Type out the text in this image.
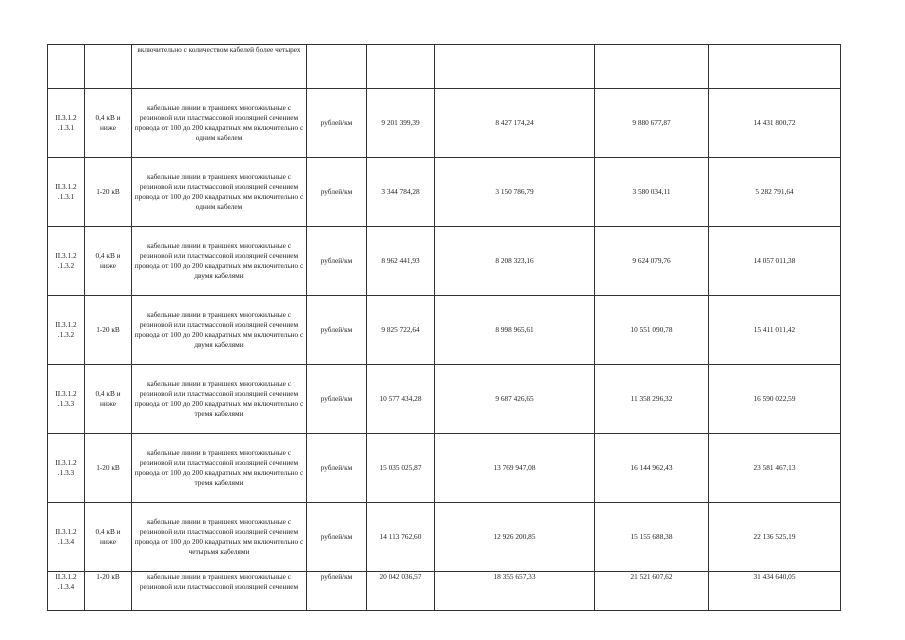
		включительно с количеством кабелей более четырех					
II.3.1.2 .1.3.1	0,4 кВ и ниже	кабельные линии в траншеях многожильные с резиновой или пластмассовой изоляцией сечением провода от 100 до 200 квадратных мм включительно с одним кабелем	рублей/км	9 201 399,39	8 427 174,24	9 880 677,87	14 431 800,72
II.3.1.2 .1.3.1	1-20 кВ	кабельные линии в траншеях многожильные с резиновой или пластмассовой изоляцией сечением провода от 100 до 200 квадратных мм включительно с одним кабелем	рублей/км	3 344 784,28	3 150 786,79	3 580 034,11	5 282 791,64
II.3.1.2 .1.3.2	0,4 кВ и ниже	кабельные линии в траншеях многожильные с резиновой или пластмассовой изоляцией сечением провода от 100 до 200 квадратных мм включительно с двумя кабелями	рублей/км	8 962 441,93	8 208 323,16	9 624 079,76	14 057 011,38
II.3.1.2 .1.3.2	1-20 кВ	кабельные линии в траншеях многожильные с резиновой или пластмассовой изоляцией сечением провода от 100 до 200 квадратных мм включительно с двумя кабелями	рублей/км	9 825 722,64	8 998 965,61	10 551 090,78	15 411 011,42
II.3.1.2 .1.3.3	0,4 кВ и ниже	кабельные линии в траншеях многожильные с резиновой или пластмассовой изоляцией сечением провода от 100 до 200 квадратных мм включительно с тремя кабелями	рублей/км	10 577 434,28	9 687 426,65	11 358 296,32	16 590 022,59
II.3.1.2 .1.3.3	1-20 кВ	кабельные линии в траншеях многожильные с резиновой или пластмассовой изоляцией сечением провода от 100 до 200 квадратных мм включительно с тремя кабелями	рублей/км	15 035 025,87	13 769 947,08	16 144 962,43	23 581 467,13
II.3.1.2 .1.3.4	0,4 кВ и ниже	кабельные линии в траншеях многожильные с резиновой или пластмассовой изоляцией сечением провода от 100 до 200 квадратных мм включительно с четырьмя кабелями	рублей/км	14 113 762,60	12 926 200,85	15 155 688,38	22 136 525,19
II.3.1.2 .1.3.4	1-20 кВ	кабельные линии в траншеях многожильные с резиновой или пластмассовой изоляцией сечением	рублей/км	20 042 036,57	18 355 657,33	21 521 607,62	31 434 640,05
